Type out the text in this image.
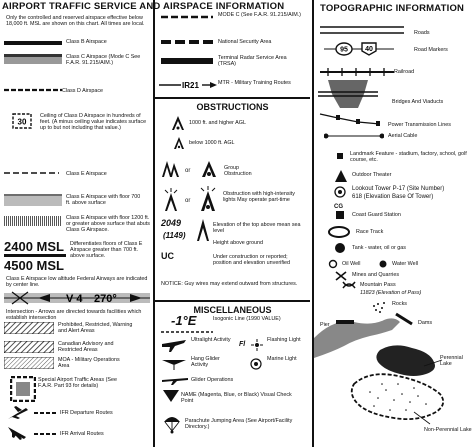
AIRPORT TRAFFIC SERVICE AND AIRSPACE INFORMATION
Only the controlled and reserved airspace effective below 18,000 ft. MSL are shown on this chart. All times are local.
Class B Airspace
Class C Airspace (Mode C See F.A.R. 91.215/AIM.)
Class D Airspace
30
Ceiling of Class D Airspace in hundreds of feet. (A minus ceiling value indicates surface up to but not including that value.)
Class E Airspace
Class E Airspace with floor 700 ft. above surface
Class E Airspace with floor 1200 ft. or greater above surface that abuts Class G Airspace.
2400 MSL
4500 MSL
Differentiates floors of Class E Airspace greater than 700 ft. above surface.
Class E Airspace low altitude Federal Airways are indicated by center line.
V 4 270°
Intersection - Arrows are directed towards facilities which establish intersection
Prohibited, Restricted, Warning and Alert Areas
Canadian Advisory and Restricted Areas
MOA - Military Operations Area
Special Airport Traffic Areas (See F.A.R. Part 93 for details)
IFR Departure Routes
IFR Arrival Routes
MODE C (See F.A.R. 91.215/AIM.)
National Security Area
Terminal Radar Service Area (TRSA)
IR21	MTR - Military Training Routes
OBSTRUCTIONS
1000 ft. and higher AGL
below 1000 ft. AGL
or	Group Obstruction
or
Obstruction with high-intensity lights May operate part-time
2049
(1149)
Elevation of the top above mean sea level
Height above ground
UC	Under construction or reported; position and elevation unverified
NOTICE: Guy wires may extend outward from structures.
MISCELLANEOUS
-1°E	Isogonic Line (1990 VALUE)
Ultralight Activity
Fl
Flashing Light
Hang Glider Activity
Marine Light
Glider Operations
NAME (Magenta, Blue, or Black) Visual Check Point
Parachute Jumping Area (See Airport/Facility Directory.)
TOPOGRAPHIC INFORMATION
Roads
95 40	Road Markers
Railroad
Bridges And Viaducts
Power Transmission Lines
Aerial Cable
Landmark Feature - stadium, factory, school, golf course, etc.
Outdoor Theater
Lookout Tower P-17 (Site Number)
618 (Elevation Base Of Tower)
CG
Coast Guard Station
Race Track
Tank - water, oil or gas
Oil Well	Water Well
Mines and Quarries
Mountain Pass
11823 (Elevation of Pass)
Rocks
Pier	Dams
Perennial Lake
Non-Perennial Lake
